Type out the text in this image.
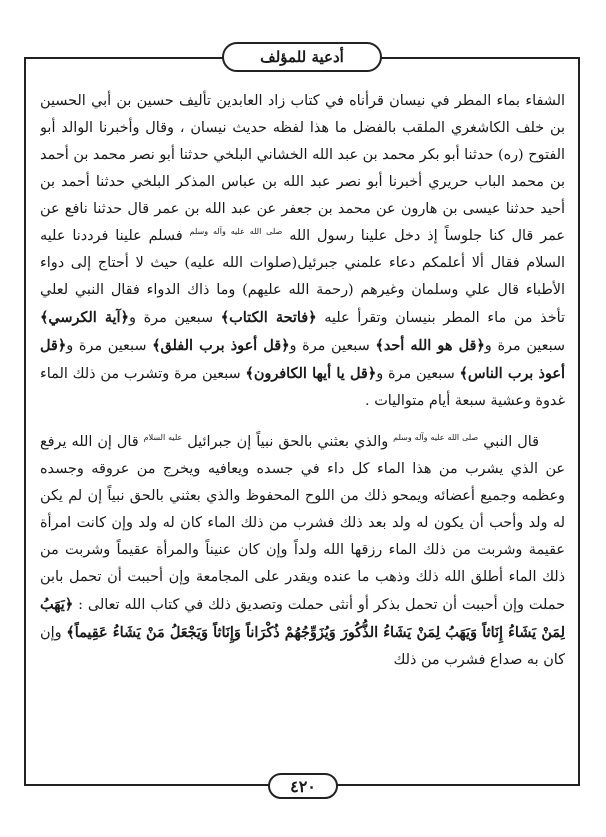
أدعية للمؤلف

الشفاء بماء المطر في نيسان قرأناه في كتاب زاد العابدين تأليف حسين بن أبي الحسين بن خلف الكاشغري الملقب بالفضل ما هذا لفظه حديث نيسان ، وقال وأخبرنا الوالد أبو الفتوح (ره) حدثنا أبو بكر محمد بن عبد الله الخشاني البلخي حدثنا أبو نصر محمد بن أحمد بن محمد الباب حريري أخبرنا أبو نصر عبد الله بن عباس المذكر البلخي حدثنا أحمد بن أحيد حدثنا عيسى بن هارون عن محمد بن جعفر عن عبد الله بن عمر قال حدثنا نافع عن عمر قال كنا جلوساً إذ دخل علينا رسول الله $^{صلى الله عليه وآله وسلم}$ فسلم علينا فرددنا عليه السلام فقال ألا أعلمكم دعاء علمني جبرئيل(صلوات الله عليه) حيث لا أحتاج إلى دواء الأطباء قال علي وسلمان وغيرهم (رحمة الله عليهم) وما ذاك الدواء فقال النبي لعلي تأخذ من ماء المطر بنيسان وتقرأ عليه ﴿فاتحة الكتاب﴾ سبعين مرة و﴿آية الكرسي﴾ سبعين مرة و﴿قل هو الله أحد﴾ سبعين مرة و﴿قل أعوذ برب الفلق﴾ سبعين مرة و﴿قل أعوذ برب الناس﴾ سبعين مرة و﴿قل يا أيها الكافرون﴾ سبعين مرة وتشرب من ذلك الماء غدوة وعشية سبعة أيام متواليات .

قال النبي $^{صلى الله عليه وآله وسلم}$ والذي بعثني بالحق نبياً إن جبرائيل $^{عليه السلام}$ قال إن الله يرفع عن الذي يشرب من هذا الماء كل داء في جسده ويعافيه ويخرج من عروقه وجسده وعظمه وجميع أعضائه ويمحو ذلك من اللوح المحفوظ والذي بعثني بالحق نبياً إن لم يكن له ولد وأحب أن يكون له ولد بعد ذلك فشرب من ذلك الماء كان له ولد وإن كانت امرأة عقيمة وشربت من ذلك الماء رزقها الله ولداً وإن كان عنيناً والمرأة عقيماً وشربت من ذلك الماء أطلق الله ذلك وذهب ما عنده ويقدر على المجامعة وإن أحببت أن تحمل بابن حملت وإن أحببت أن تحمل بذكر أو أنثى حملت وتصديق ذلك في كتاب الله تعالى : ﴿يَهَبُ لِمَنْ يَشَاءُ إِنَاثاً وَيَهَبُ لِمَنْ يَشَاءُ الذُّكُورَ وَيُزَوِّجُهُمْ ذُكْرَاناً وَإِنَاثاً وَيَجْعَلُ مَنْ يَشَاءُ عَقِيماً﴾ وإن كان به صداع فشرب من ذلك

٤٢٠
